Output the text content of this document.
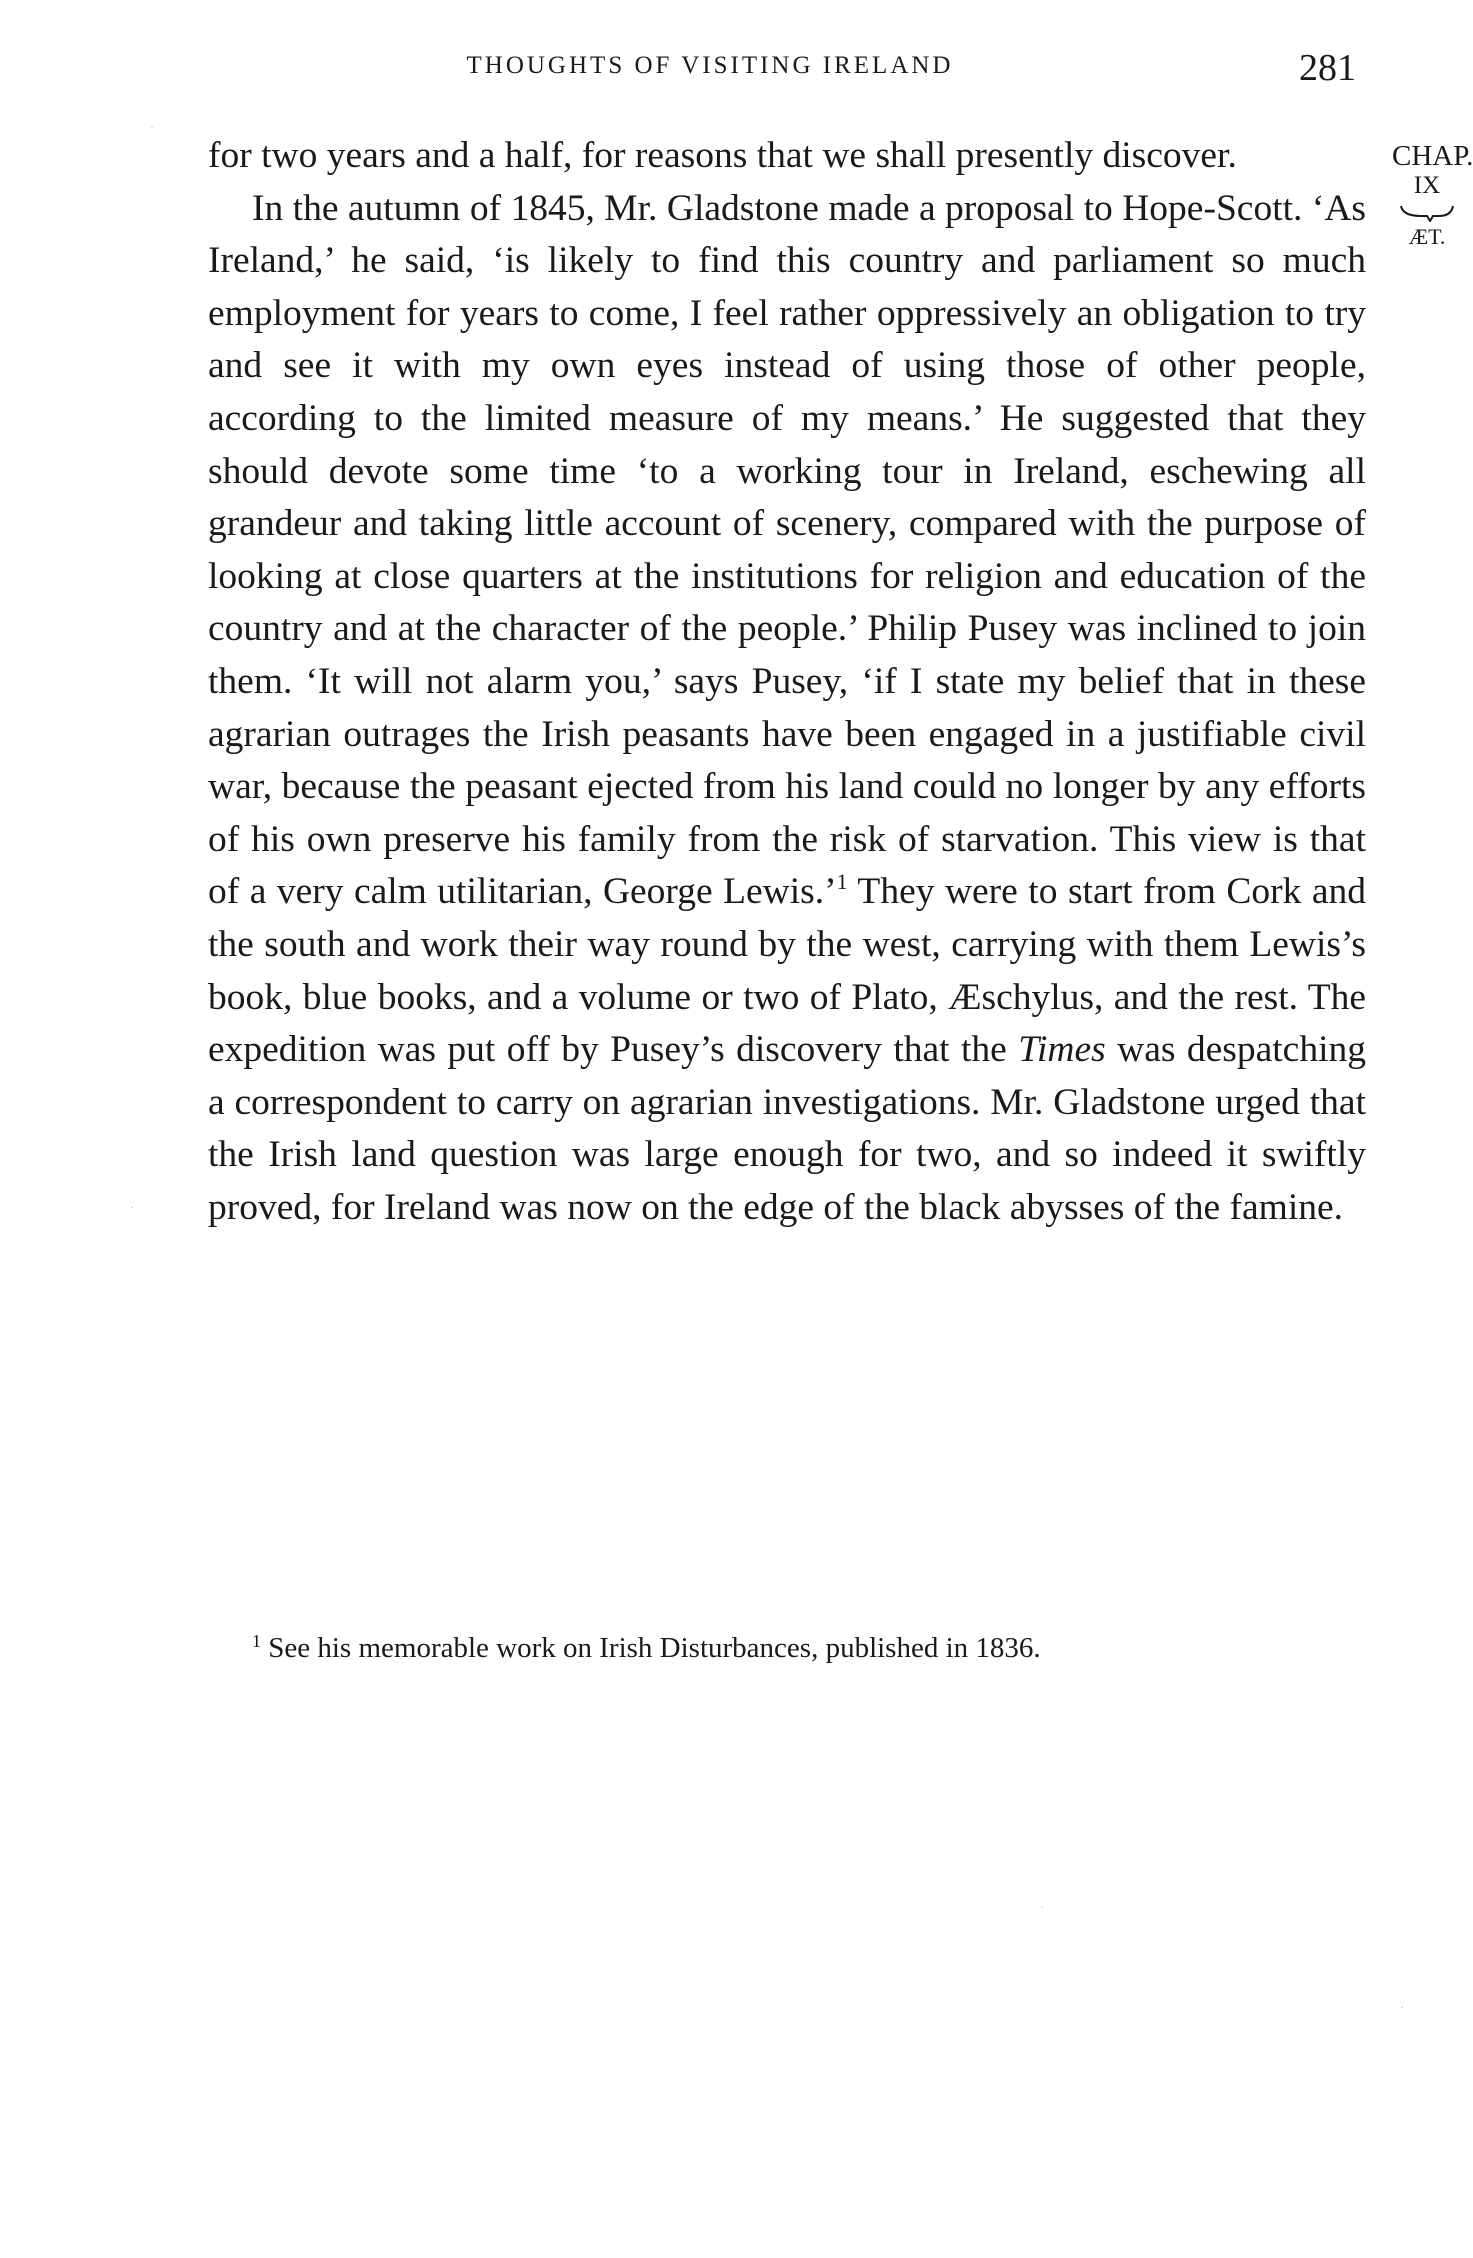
THOUGHTS OF VISITING IRELAND	281
CHAP.
IX
ÆT.

for two years and a half, for reasons that we shall presently discover.

In the autumn of 1845, Mr. Gladstone made a proposal to Hope-Scott. ‘As Ireland,’ he said, ‘is likely to find this country and parliament so much employment for years to come, I feel rather oppressively an obligation to try and see it with my own eyes instead of using those of other people, according to the limited measure of my means.’ He suggested that they should devote some time ‘to a working tour in Ireland, eschewing all grandeur and taking little account of scenery, compared with the purpose of looking at close quarters at the institutions for religion and education of the country and at the character of the people.’ Philip Pusey was inclined to join them. ‘It will not alarm you,’ says Pusey, ‘if I state my belief that in these agrarian outrages the Irish peasants have been engaged in a justifiable civil war, because the peasant ejected from his land could no longer by any efforts of his own preserve his family from the risk of starvation. This view is that of a very calm utilitarian, George Lewis.’$^1$ They were to start from Cork and the south and work their way round by the west, carrying with them Lewis’s book, blue books, and a volume or two of Plato, Æschylus, and the rest. The expedition was put off by Pusey’s discovery that the Times was despatching a correspondent to carry on agrarian investigations. Mr. Gladstone urged that the Irish land question was large enough for two, and so indeed it swiftly proved, for Ireland was now on the edge of the black abysses of the famine.

$^1$ See his memorable work on Irish Disturbances, published in 1836.
·
·
·
·
